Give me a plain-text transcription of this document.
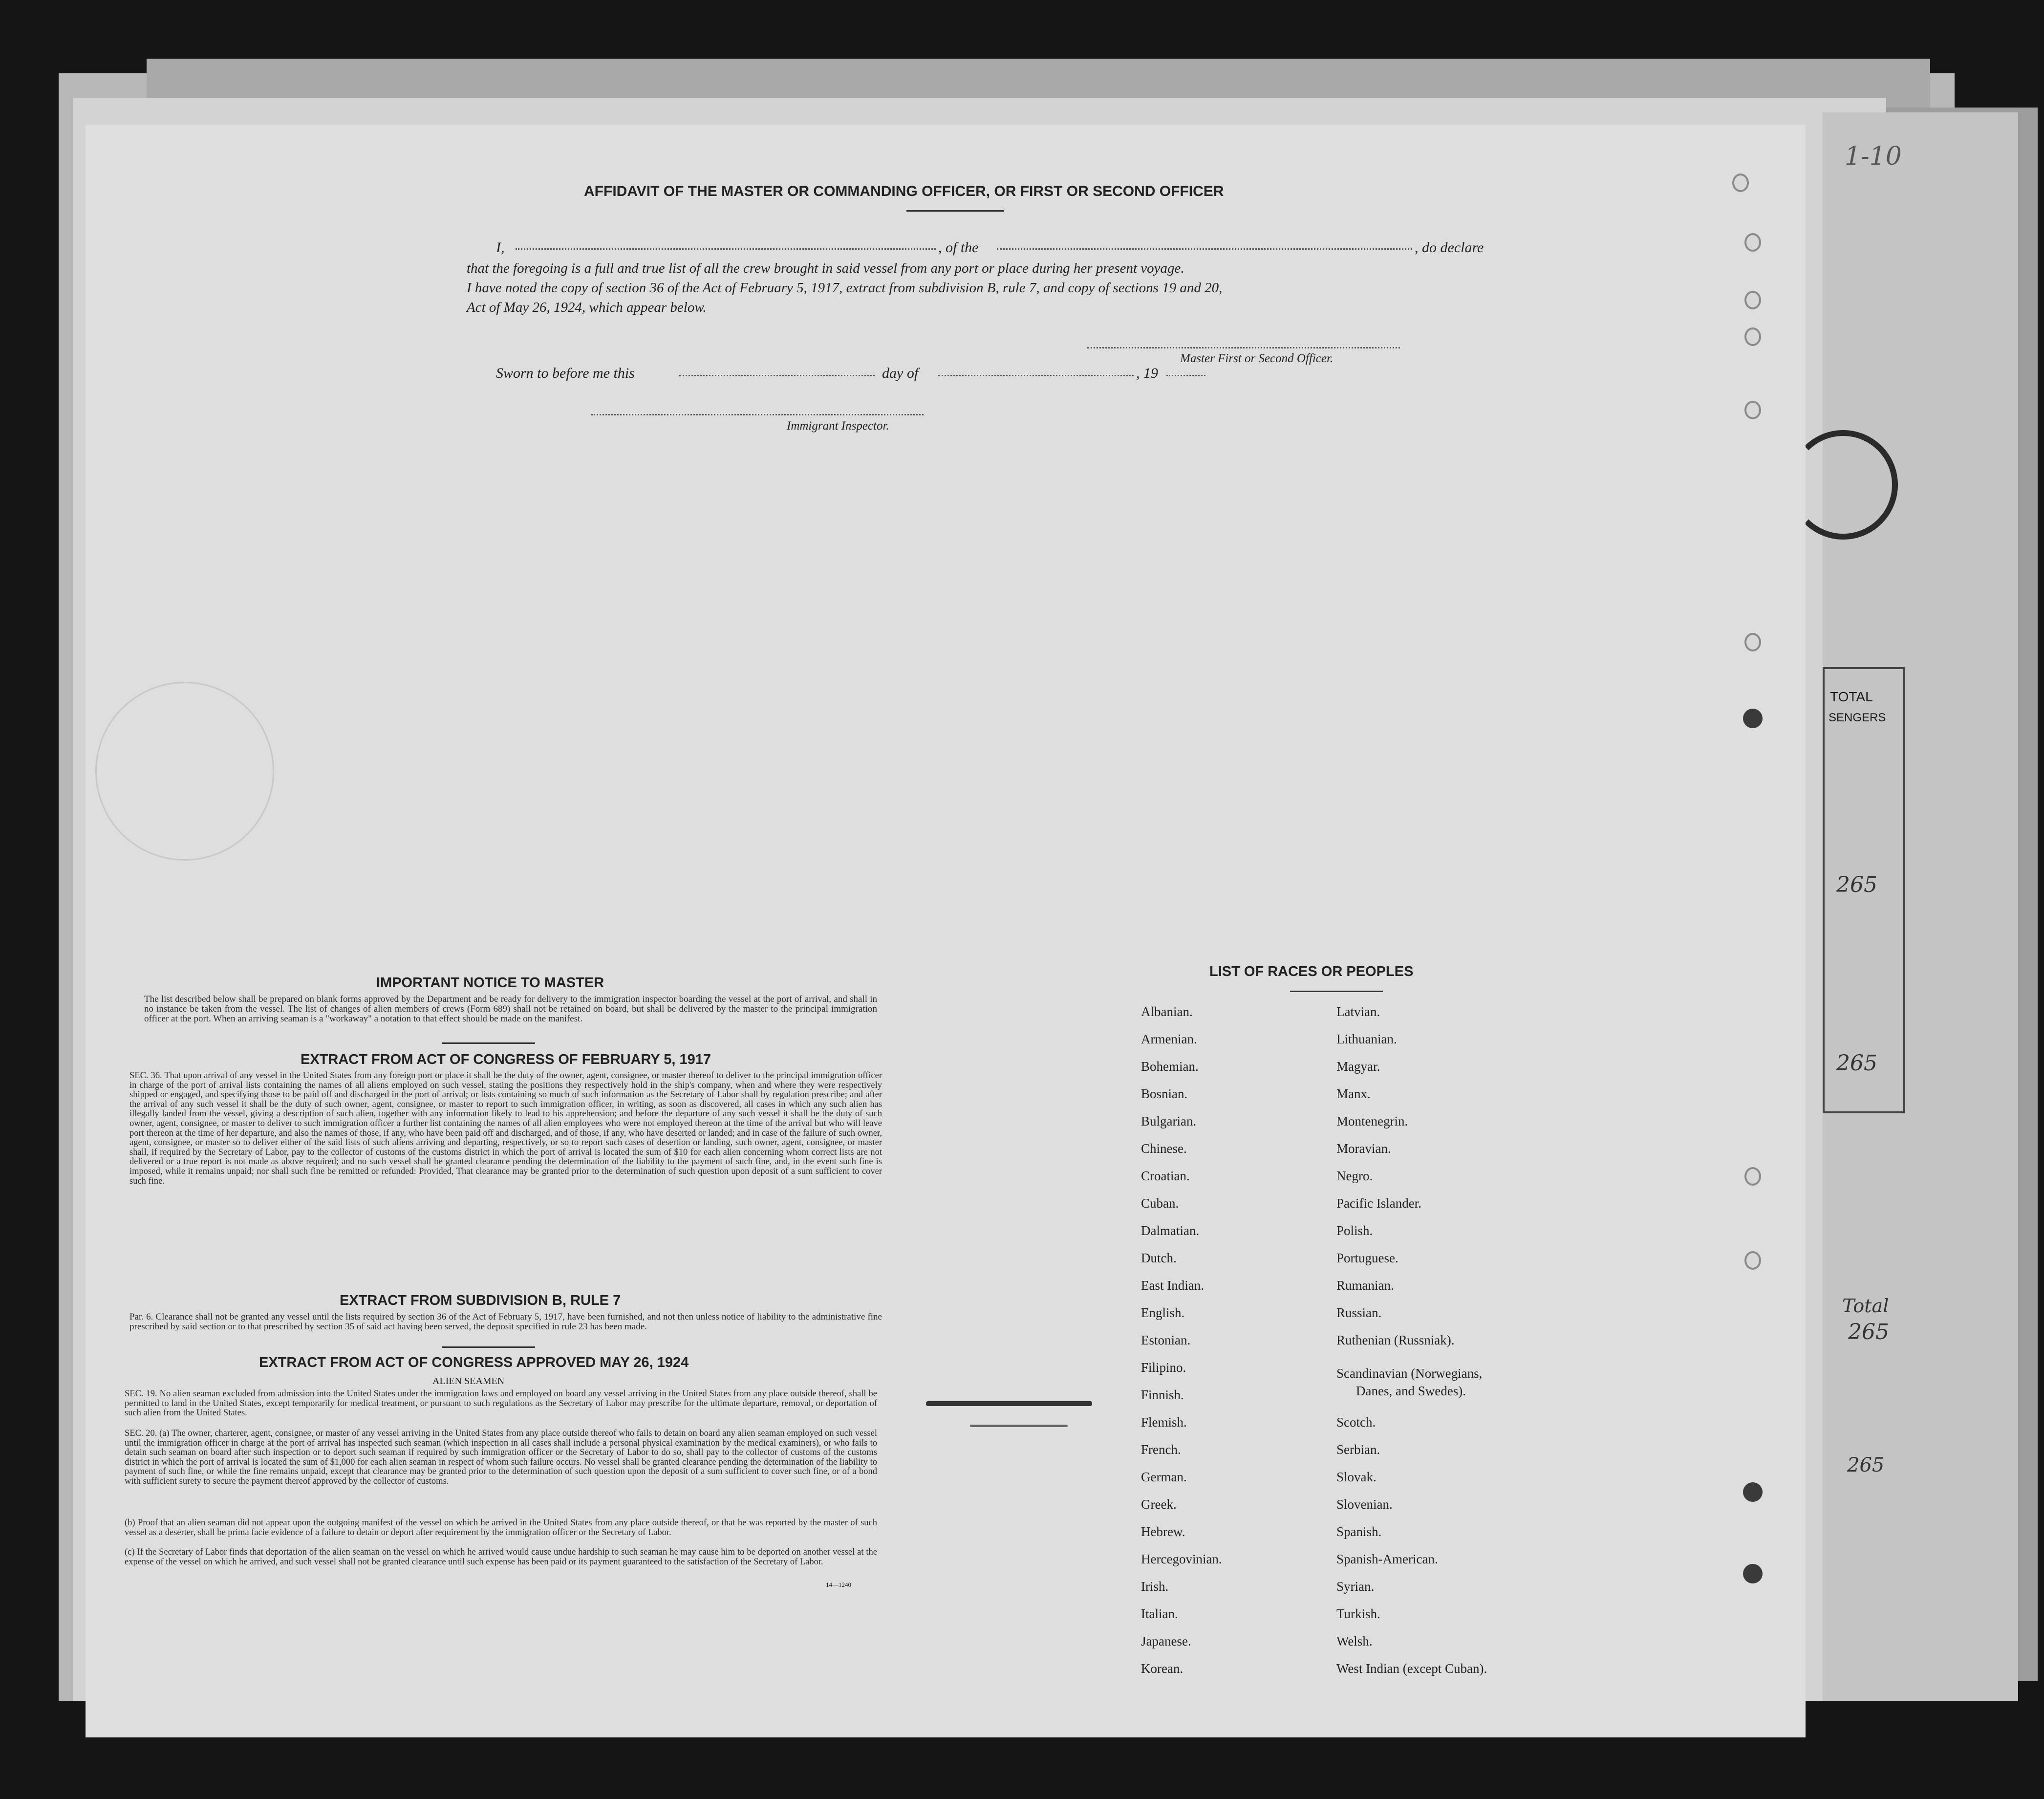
TOTAL
SENGERS
265
265
Total
265
265
1-10
AFFIDAVIT OF THE MASTER OR COMMANDING OFFICER, OR FIRST OR SECOND OFFICER
I,	, of the	, do declare
that the foregoing is a full and true list of all the crew brought in said vessel from any port or place during her present voyage.
I have noted the copy of section 36 of the Act of February 5, 1917, extract from subdivision B, rule 7, and copy of sections 19 and 20,
Act of May 26, 1924, which appear below.
Master First or Second Officer.
Sworn to before me this	day of	, 19
Immigrant Inspector.
IMPORTANT NOTICE TO MASTER
The list described below shall be prepared on blank forms approved by the Department and be ready for delivery to the immigration inspector boarding the vessel at the port of arrival, and shall in no instance be taken from the vessel. The list of changes of alien members of crews (Form 689) shall not be retained on board, but shall be delivered by the master to the principal immigration officer at the port. When an arriving seaman is a "workaway" a notation to that effect should be made on the manifest.
EXTRACT FROM ACT OF CONGRESS OF FEBRUARY 5, 1917
SEC. 36. That upon arrival of any vessel in the United States from any foreign port or place it shall be the duty of the owner, agent, consignee, or master thereof to deliver to the principal immigration officer in charge of the port of arrival lists containing the names of all aliens employed on such vessel, stating the positions they respectively hold in the ship's company, when and where they were respectively shipped or engaged, and specifying those to be paid off and discharged in the port of arrival; or lists containing so much of such information as the Secretary of Labor shall by regulation prescribe; and after the arrival of any such vessel it shall be the duty of such owner, agent, consignee, or master to report to such immigration officer, in writing, as soon as discovered, all cases in which any such alien has illegally landed from the vessel, giving a description of such alien, together with any information likely to lead to his apprehension; and before the departure of any such vessel it shall be the duty of such owner, agent, consignee, or master to deliver to such immigration officer a further list containing the names of all alien employees who were not employed thereon at the time of the arrival but who will leave port thereon at the time of her departure, and also the names of those, if any, who have been paid off and discharged, and of those, if any, who have deserted or landed; and in case of the failure of such owner, agent, consignee, or master so to deliver either of the said lists of such aliens arriving and departing, respectively, or so to report such cases of desertion or landing, such owner, agent, consignee, or master shall, if required by the Secretary of Labor, pay to the collector of customs of the customs district in which the port of arrival is located the sum of $10 for each alien concerning whom correct lists are not delivered or a true report is not made as above required; and no such vessel shall be granted clearance pending the determination of the liability to the payment of such fine, and, in the event such fine is imposed, while it remains unpaid; nor shall such fine be remitted or refunded: Provided, That clearance may be granted prior to the determination of such question upon deposit of a sum sufficient to cover such fine.
EXTRACT FROM SUBDIVISION B, RULE 7
Par. 6. Clearance shall not be granted any vessel until the lists required by section 36 of the Act of February 5, 1917, have been furnished, and not then unless notice of liability to the administrative fine prescribed by said section or to that prescribed by section 35 of said act having been served, the deposit specified in rule 23 has been made.
EXTRACT FROM ACT OF CONGRESS APPROVED MAY 26, 1924
ALIEN SEAMEN
SEC. 19. No alien seaman excluded from admission into the United States under the immigration laws and employed on board any vessel arriving in the United States from any place outside thereof, shall be permitted to land in the United States, except temporarily for medical treatment, or pursuant to such regulations as the Secretary of Labor may prescribe for the ultimate departure, removal, or deportation of such alien from the United States.
SEC. 20. (a) The owner, charterer, agent, consignee, or master of any vessel arriving in the United States from any place outside thereof who fails to detain on board any alien seaman employed on such vessel until the immigration officer in charge at the port of arrival has inspected such seaman (which inspection in all cases shall include a personal physical examination by the medical examiners), or who fails to detain such seaman on board after such inspection or to deport such seaman if required by such immigration officer or the Secretary of Labor to do so, shall pay to the collector of customs of the customs district in which the port of arrival is located the sum of $1,000 for each alien seaman in respect of whom such failure occurs. No vessel shall be granted clearance pending the determination of the liability to payment of such fine, or while the fine remains unpaid, except that clearance may be granted prior to the determination of such question upon the deposit of a sum sufficient to cover such fine, or of a bond with sufficient surety to secure the payment thereof approved by the collector of customs.
(b) Proof that an alien seaman did not appear upon the outgoing manifest of the vessel on which he arrived in the United States from any place outside thereof, or that he was reported by the master of such vessel as a deserter, shall be prima facie evidence of a failure to detain or deport after requirement by the immigration officer or the Secretary of Labor.
(c) If the Secretary of Labor finds that deportation of the alien seaman on the vessel on which he arrived would cause undue hardship to such seaman he may cause him to be deported on another vessel at the expense of the vessel on which he arrived, and such vessel shall not be granted clearance until such expense has been paid or its payment guaranteed to the satisfaction of the Secretary of Labor.
14—1240
LIST OF RACES OR PEOPLES
Albanian.
Armenian.
Bohemian.
Bosnian.
Bulgarian.
Chinese.
Croatian.
Cuban.
Dalmatian.
Dutch.
East Indian.
English.
Estonian.
Filipino.
Finnish.
Flemish.
French.
German.
Greek.
Hebrew.
Hercegovinian.
Irish.
Italian.
Japanese.
Korean.
Latvian.
Lithuanian.
Magyar.
Manx.
Montenegrin.
Moravian.
Negro.
Pacific Islander.
Polish.
Portuguese.
Rumanian.
Russian.
Ruthenian (Russniak).
Scandinavian (Norwegians,
Danes, and Swedes).
Scotch.
Serbian.
Slovak.
Slovenian.
Spanish.
Spanish-American.
Syrian.
Turkish.
Welsh.
West Indian (except Cuban).
